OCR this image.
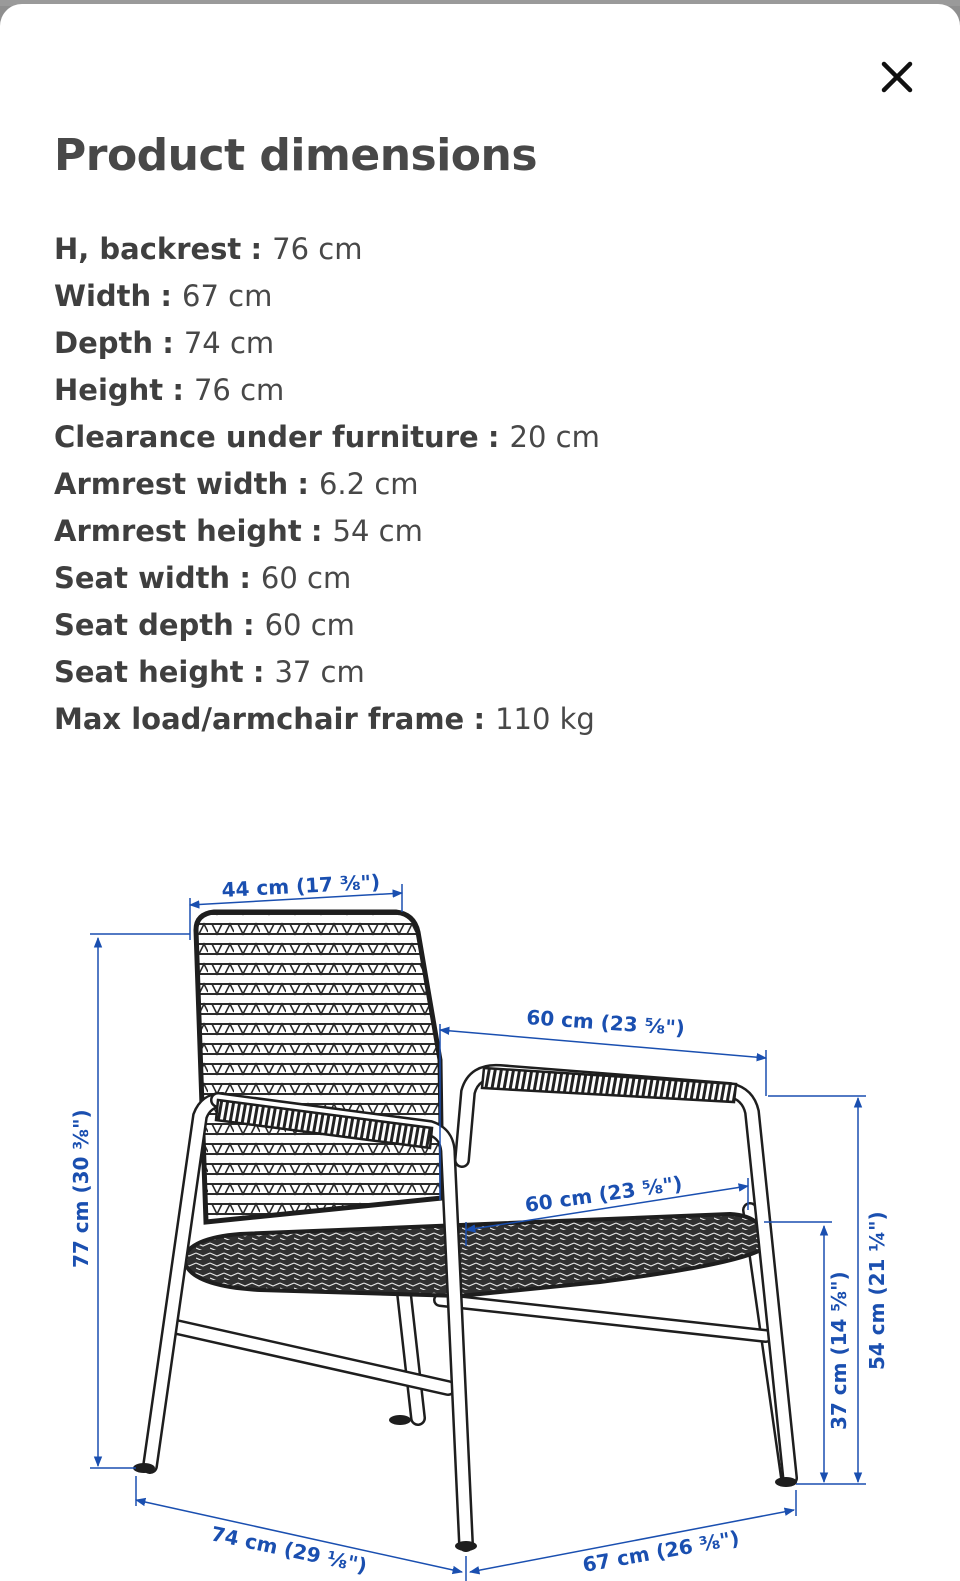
Product dimensions
H, backrest : 76 cm
Width : 67 cm
Depth : 74 cm
Height : 76 cm
Clearance under furniture : 20 cm
Armrest width : 6.2 cm
Armrest height : 54 cm
Seat width : 60 cm
Seat depth : 60 cm
Seat height : 37 cm
Max load/armchair frame : 110 kg
44 cm (17 ⅜")
60 cm (23 ⅝")
60 cm (23 ⅝")
77 cm (30 ⅜")
37 cm (14 ⅝") 54 cm (21 ¼")
74 cm (29 ⅛")	67 cm (26 ⅜")
